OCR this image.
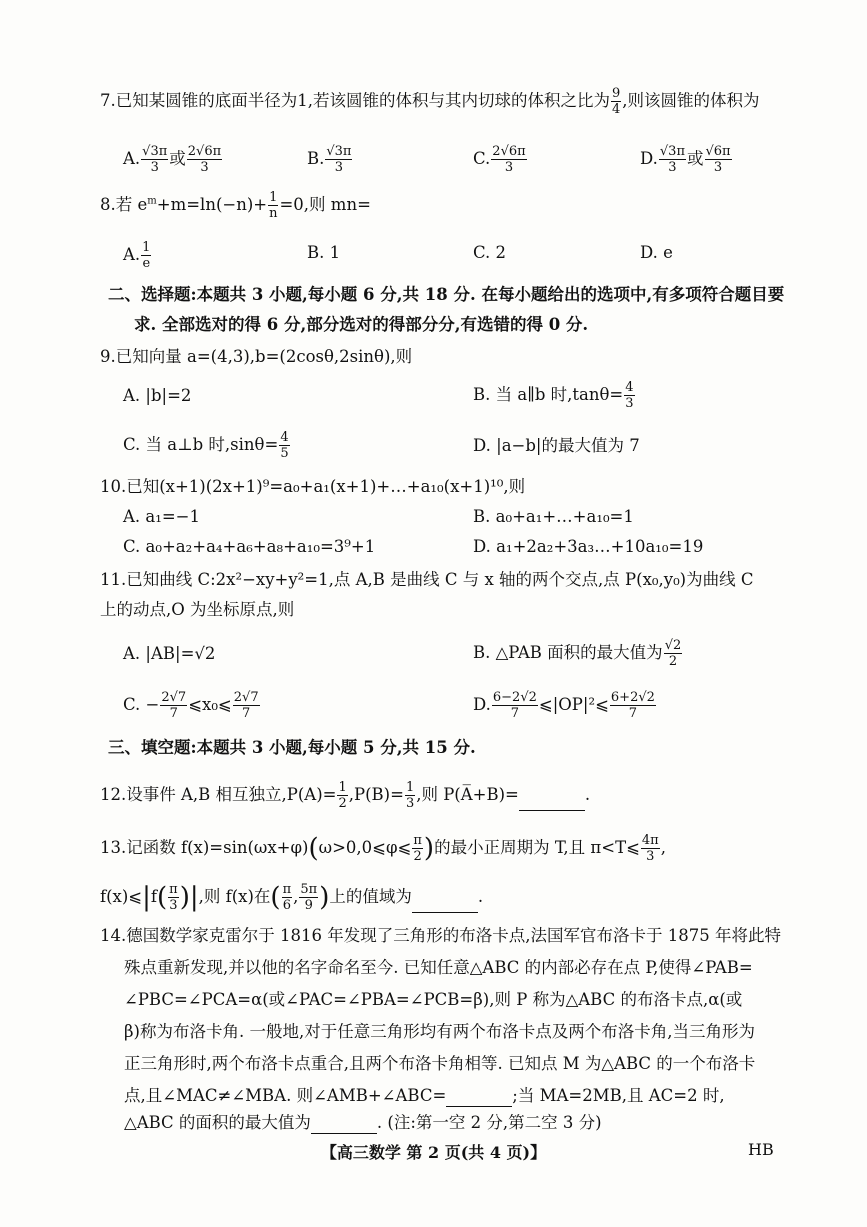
7.已知某圆锥的底面半径为1,若该圆锥的体积与其内切球的体积之比为 $\frac{9}{4}$ ,则该圆锥的体积为
A. $\frac{√3\pi}{3}$ 或 $\frac{2√6\pi}{3}$	B. $\frac{√3\pi}{3}$	C. $\frac{2√6\pi}{3}$	D. $\frac{√3\pi}{3}$ 或 $\frac{√6\pi}{3}$
8.若 $e^m+m=\ln(-n)+ \frac{1}{n} =0$,则 mn=
A. $\frac{1}{e}$	B. 1	C. 2	D. e
二、选择题:本题共 3 小题,每小题 6 分,共 18 分. 在每小题给出的选项中,有多项符合题目要
求. 全部选对的得 6 分,部分选对的得部分分,有选错的得 0 分.
9.已知向量 a=(4,3),b=(2cosθ,2sinθ),则
A. |b|=2	B. 当 a∥b 时$,\tan\theta= \frac{4}{3}$
C. 当 a⊥b 时$,\sin\theta= \frac{4}{5}$	D. |a−b|的最大值为 7
10.已知(x+1)(2x+1)⁹=a₀+a₁(x+1)+…+a₁₀(x+1)¹⁰,则
A. a₁=−1	B. a₀+a₁+…+a₁₀=1
C. a₀+a₂+a₄+a₆+a₈+a₁₀=3⁹+1	D. a₁+2a₂+3a₃…+10a₁₀=19
11.已知曲线 C:2x²−xy+y²=1,点 A,B 是曲线 C 与 x 轴的两个交点,点 P(x₀,y₀)为曲线 C
上的动点,O 为坐标原点,则
A. |AB|=√2	B. △PAB 面积的最大值为 $\frac{√2}{2}$
C. − $\frac{2√7}{7}$ ⩽x₀⩽ $\frac{2√7}{7}$	D. $\frac{6-2√2}{7}$ ⩽|OP|²⩽ $\frac{6+2√2}{7}$
三、填空题:本题共 3 小题,每小题 5 分,共 15 分.
12.设事件 A,B 相互独立$,P(A)= \frac{1}{2} ,P(B)= \frac{1}{3}$ ,则 P(A̅+B)=	.
13.记函数 f(x)=sin(ωx+φ)(ω>0,0⩽φ⩽ $\frac{\pi}{2}$ )的最小正周期为 T,且 π<T⩽ $\frac{4\pi}{3}$ ,
f(x)⩽|f( $\frac{\pi}{3}$ )|,则 f(x)在( $\frac{\pi}{6}$ , $\frac{5\pi}{9}$ )上的值域为	.
14.德国数学家克雷尔于 1816 年发现了三角形的布洛卡点,法国军官布洛卡于 1875 年将此特
殊点重新发现,并以他的名字命名至今. 已知任意△ABC 的内部必存在点 P,使得∠PAB=
∠PBC=∠PCA=α(或∠PAC=∠PBA=∠PCB=β),则 P 称为△ABC 的布洛卡点,α(或
β)称为布洛卡角. 一般地,对于任意三角形均有两个布洛卡点及两个布洛卡角,当三角形为
正三角形时,两个布洛卡点重合,且两个布洛卡角相等. 已知点 M 为△ABC 的一个布洛卡
点,且∠MAC≠∠MBA. 则∠AMB+∠ABC=	;当 MA=2MB,且 AC=2 时,
△ABC 的面积的最大值为	. (注:第一空 2 分,第二空 3 分)
【高三数学 第 2 页(共 4 页)】	HB
